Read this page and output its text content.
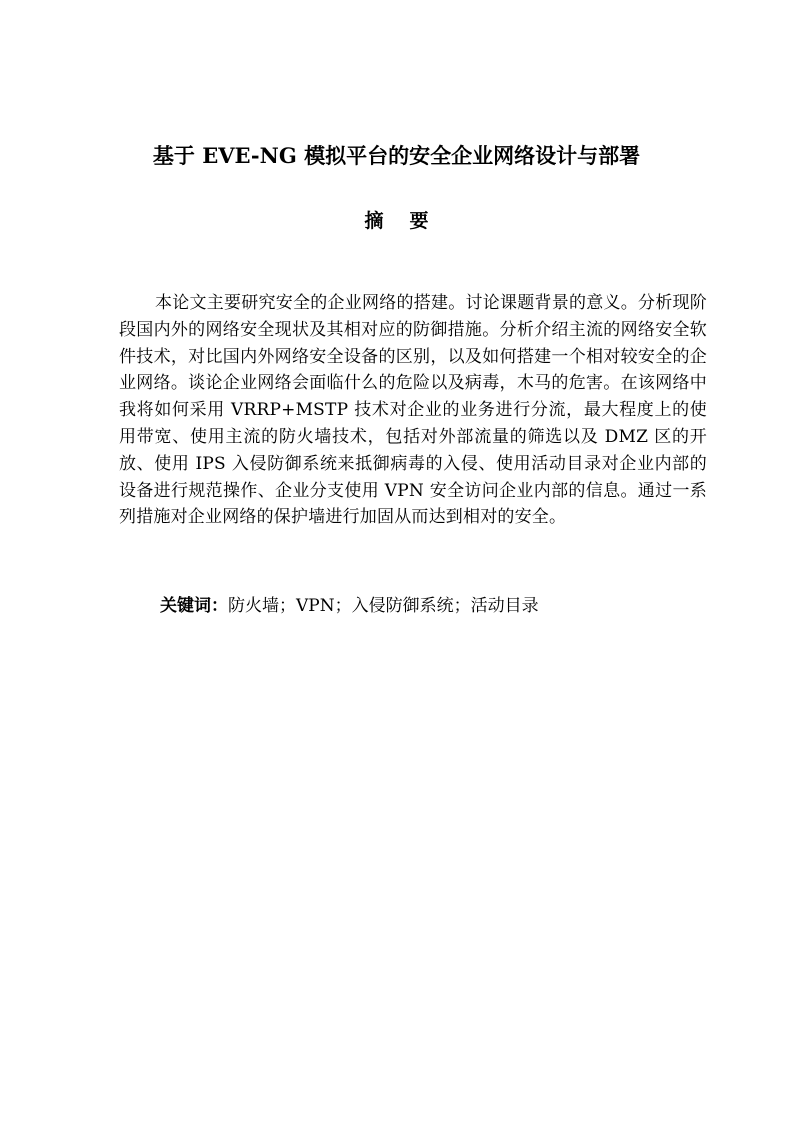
基于 EVE-NG 模拟平台的安全企业网络设计与部署
摘 要

本论文主要研究安全的企业网络的搭建。讨论课题背景的意义。分析现阶段国内外的网络安全现状及其相对应的防御措施。分析介绍主流的网络安全软件技术，对比国内外网络安全设备的区别，以及如何搭建一个相对较安全的企业网络。谈论企业网络会面临什么的危险以及病毒，木马的危害。在该网络中我将如何采用 VRRP+MSTP 技术对企业的业务进行分流，最大程度上的使用带宽、使用主流的防火墙技术，包括对外部流量的筛选以及 DMZ 区的开放、使用 IPS 入侵防御系统来抵御病毒的入侵、使用活动目录对企业内部的设备进行规范操作、企业分支使用 VPN 安全访问企业内部的信息。通过一系列措施对企业网络的保护墙进行加固从而达到相对的安全。

关键词：防火墙；VPN；入侵防御系统；活动目录
